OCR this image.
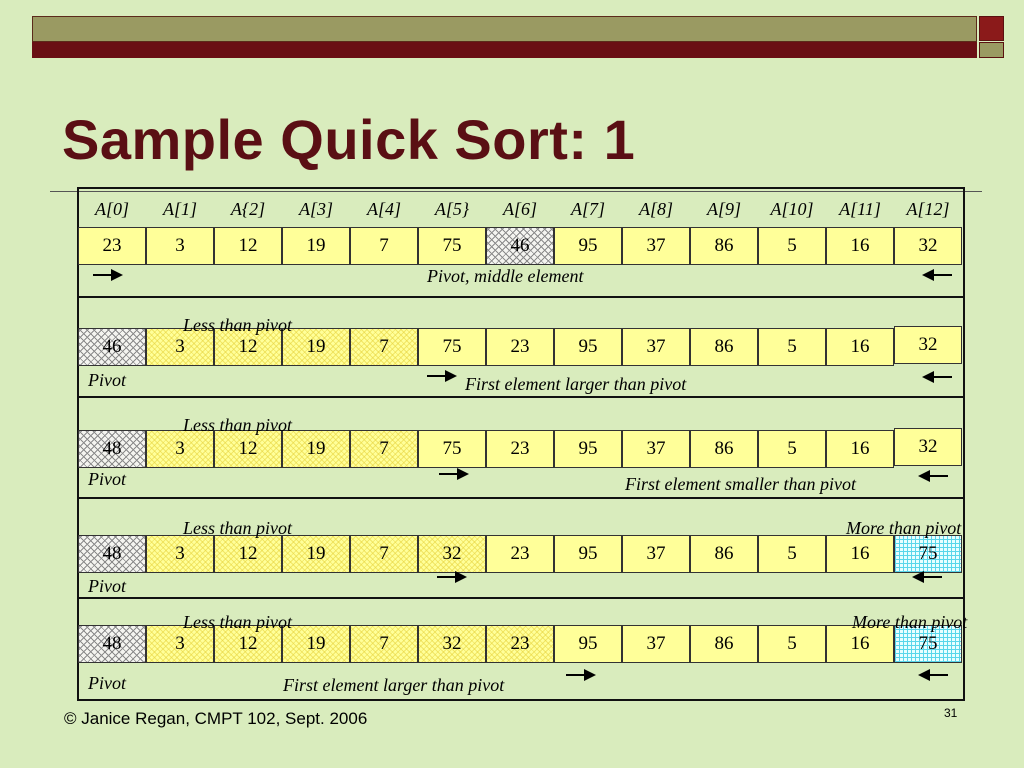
Sample Quick Sort: 1
A[0]	A[1]	A{2]	A[3]	A[4]	A[5}	A[6]	A[7]	A[8]	A[9]	A[10]	A[11]	A[12]
23	3	12	19	7	75	46	95	37	86	5	16	32
Pivot, middle element
46	3	12	19	7	75	23	95	37	86	5	16	32
Pivot
Less than pivot
First element larger than pivot
48	3	12	19	7	75	23	95	37	86	5	16	32
Pivot
Less than pivot
First element smaller than pivot
48	3	12	19	7	32	23	95	37	86	5	16	75
Pivot
Less than pivot	More than pivot
48	3	12	19	7	32	23	95	37	86	5	16	75
Pivot
Less than pivot	More than pivot
First element larger than pivot
© Janice Regan, CMPT 102, Sept. 2006	31
